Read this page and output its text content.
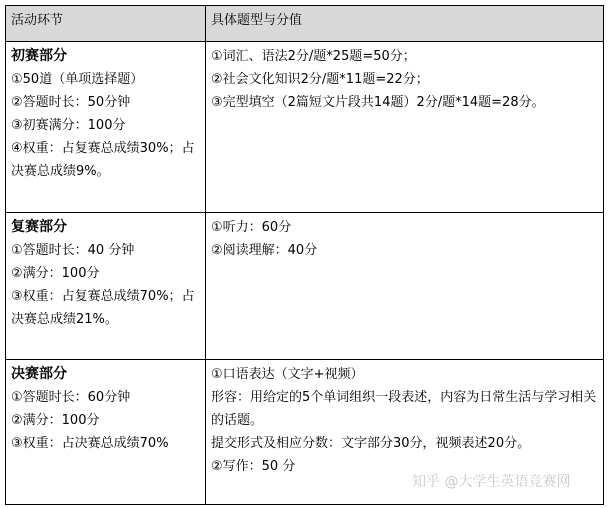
活动环节	具体题型与分值

初赛部分
①50道（单项选择题）
②答题时长：50分钟
③初赛满分：100分
④权重：占复赛总成绩30%；占决赛总成绩9%。	①词汇、语法2分/题*25题=50分；
②社会文化知识2分/题*11题=22分；
③完型填空（2篇短文片段共14题）2分/题*14题=28分。

复赛部分
①答题时长：40 分钟
②满分：100分
③权重：占复赛总成绩70%；占决赛总成绩21%。	①听力：60分
②阅读理解：40分

决赛部分
①答题时长：60分钟
②满分：100分
③权重：占决赛总成绩70%	①口语表达（文字+视频）
形容：用给定的5个单词组织一段表述，内容为日常生活与学习相关的话题。
提交形式及相应分数：文字部分30分，视频表述20分。
②写作：50 分
知乎 @大学生英语竞赛网
